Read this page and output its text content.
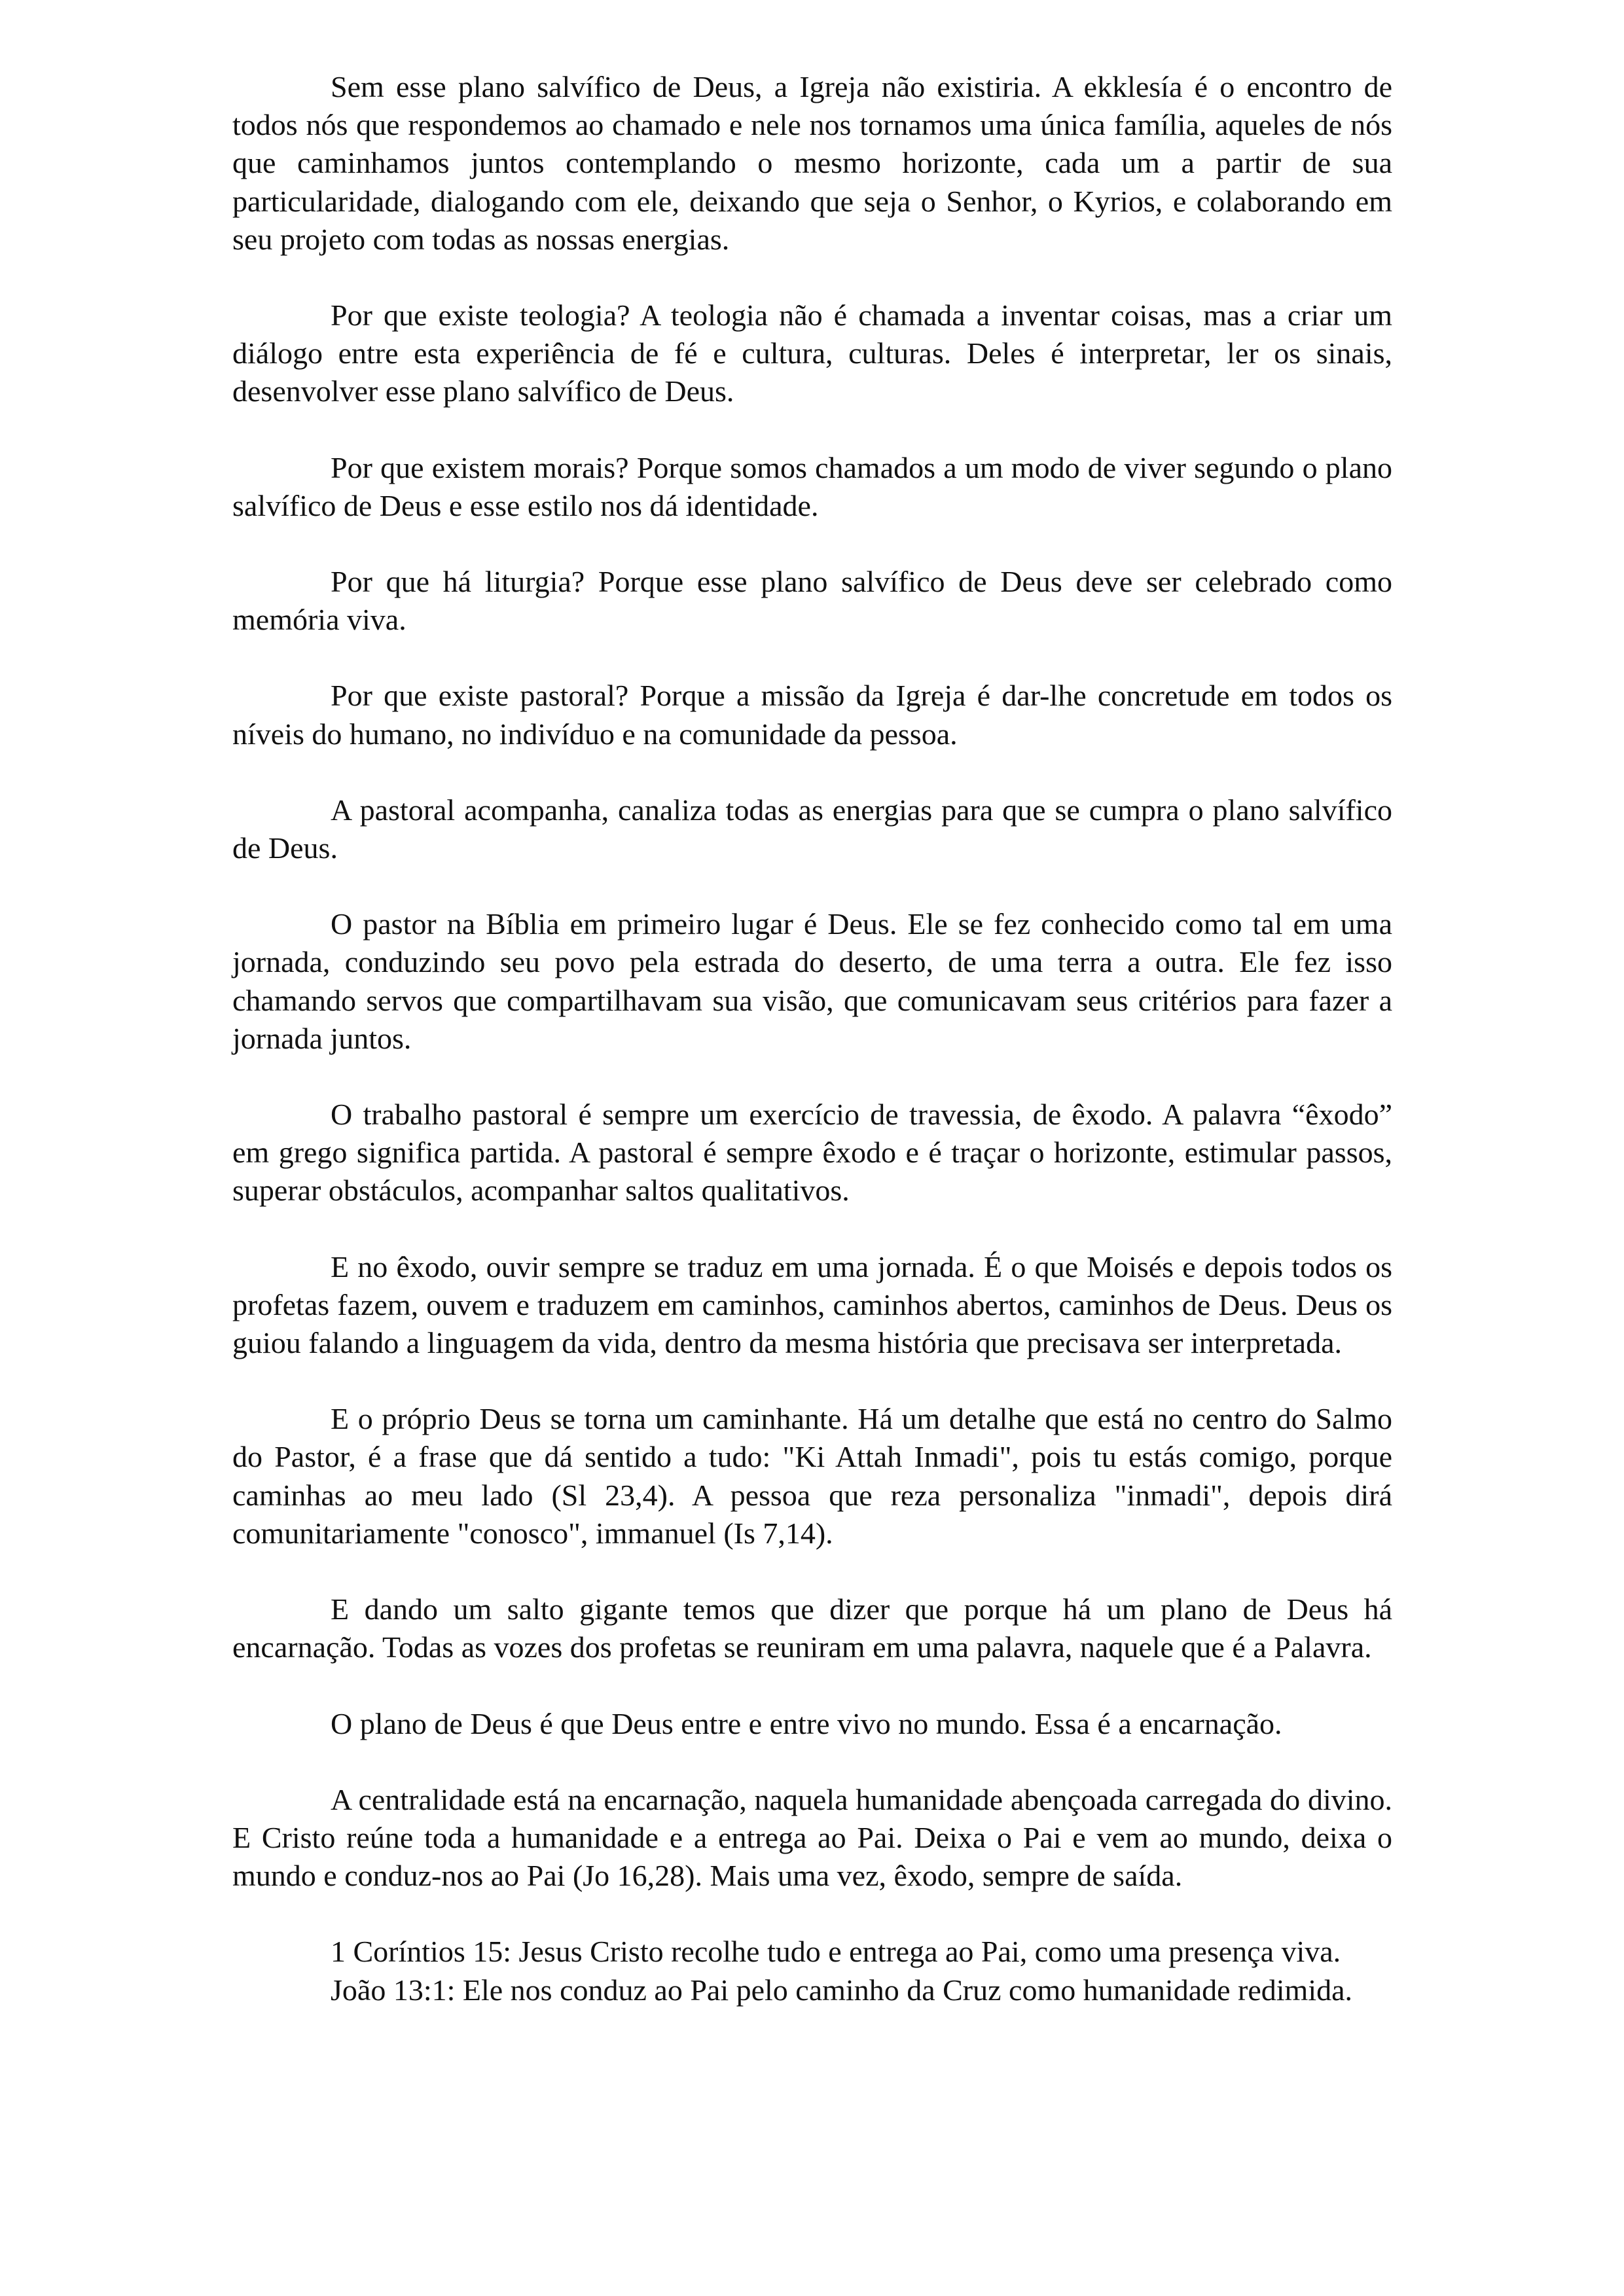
Sem esse plano salvífico de Deus, a Igreja não existiria. A ekklesía é o encontro de todos nós que respondemos ao chamado e nele nos tornamos uma única família, aqueles de nós que caminhamos juntos contemplando o mesmo horizonte, cada um a partir de sua particularidade, dialogando com ele, deixando que seja o Senhor, o Kyrios, e colaborando em seu projeto com todas as nossas energias.

Por que existe teologia? A teologia não é chamada a inventar coisas, mas a criar um diálogo entre esta experiência de fé e cultura, culturas. Deles é interpretar, ler os sinais, desenvolver esse plano salvífico de Deus.

Por que existem morais? Porque somos chamados a um modo de viver segundo o plano salvífico de Deus e esse estilo nos dá identidade.

Por que há liturgia? Porque esse plano salvífico de Deus deve ser celebrado como memória viva.

Por que existe pastoral? Porque a missão da Igreja é dar-lhe concretude em todos os níveis do humano, no indivíduo e na comunidade da pessoa.

A pastoral acompanha, canaliza todas as energias para que se cumpra o plano salvífico de Deus.

O pastor na Bíblia em primeiro lugar é Deus. Ele se fez conhecido como tal em uma jornada, conduzindo seu povo pela estrada do deserto, de uma terra a outra. Ele fez isso chamando servos que compartilhavam sua visão, que comunicavam seus critérios para fazer a jornada juntos.

O trabalho pastoral é sempre um exercício de travessia, de êxodo. A palavra “êxodo” em grego significa partida. A pastoral é sempre êxodo e é traçar o horizonte, estimular passos, superar obstáculos, acompanhar saltos qualitativos.

E no êxodo, ouvir sempre se traduz em uma jornada. É o que Moisés e depois todos os profetas fazem, ouvem e traduzem em caminhos, caminhos abertos, caminhos de Deus. Deus os guiou falando a linguagem da vida, dentro da mesma história que precisava ser interpretada.

E o próprio Deus se torna um caminhante. Há um detalhe que está no centro do Salmo do Pastor, é a frase que dá sentido a tudo: "Ki Attah Inmadi", pois tu estás comigo, porque caminhas ao meu lado (Sl 23,4). A pessoa que reza personaliza "inmadi", depois dirá comunitariamente "conosco", immanuel (Is 7,14).

E dando um salto gigante temos que dizer que porque há um plano de Deus há encarnação. Todas as vozes dos profetas se reuniram em uma palavra, naquele que é a Palavra.

O plano de Deus é que Deus entre e entre vivo no mundo. Essa é a encarnação.

A centralidade está na encarnação, naquela humanidade abençoada carregada do divino. E Cristo reúne toda a humanidade e a entrega ao Pai. Deixa o Pai e vem ao mundo, deixa o mundo e conduz-nos ao Pai (Jo 16,28). Mais uma vez, êxodo, sempre de saída.

1 Coríntios 15: Jesus Cristo recolhe tudo e entrega ao Pai, como uma presença viva.

João 13:1: Ele nos conduz ao Pai pelo caminho da Cruz como humanidade redimida.
